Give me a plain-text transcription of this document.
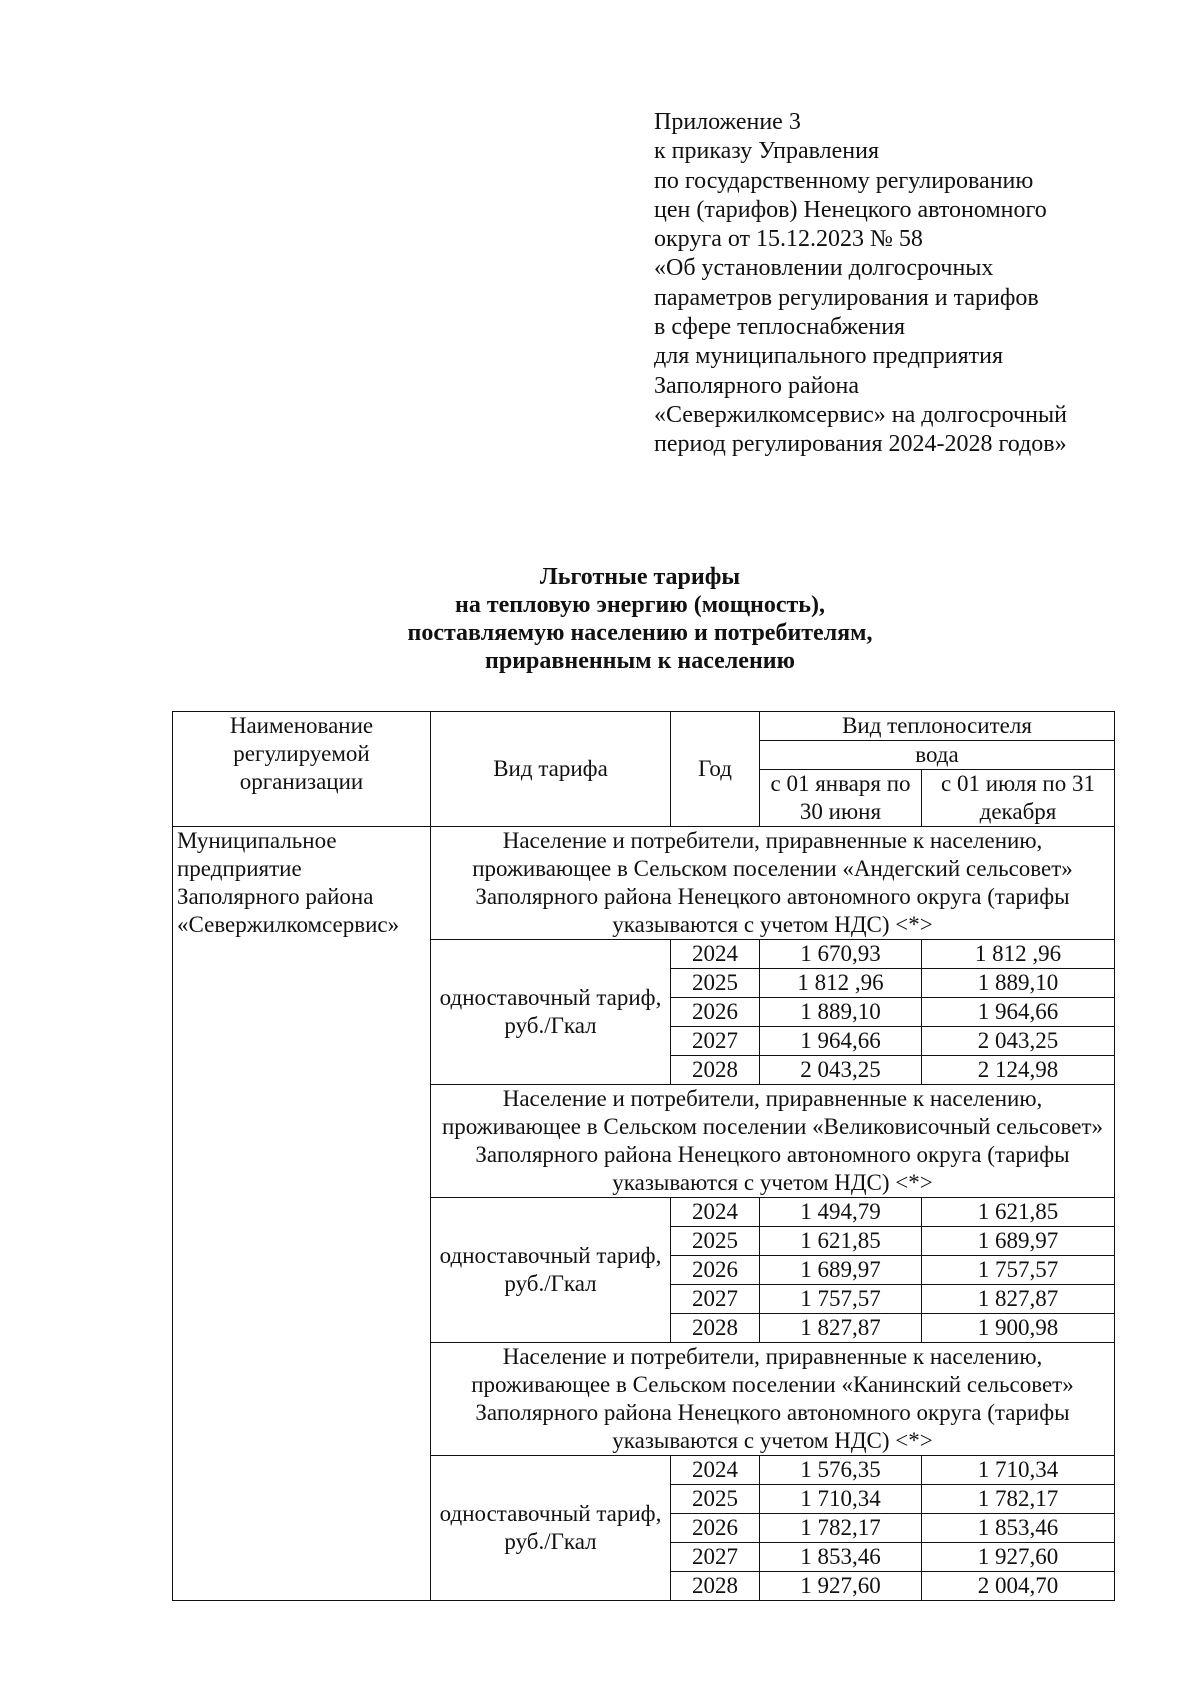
Приложение 3
к приказу Управления
по государственному регулированию
цен (тарифов) Ненецкого автономного
округа от 15.12.2023 № 58
«Об установлении долгосрочных
параметров регулирования и тарифов
в сфере теплоснабжения
для муниципального предприятия
Заполярного района
«Севержилкомсервис» на долгосрочный
период регулирования 2024-2028 годов»
Льготные тарифы
на тепловую энергию (мощность),
поставляемую населению и потребителям,
приравненным к населению
Наименование регулируемой организации	Вид тарифа	Год	Вид теплоносителя	
			вода	
			с 01 января по 30 июня	с 01 июля по 31 декабря

Муниципальное предприятие Заполярного района «Севержилкомсервис»	Население и потребители, приравненные к населению, проживающее в Сельском поселении «Андегский сельсовет» Заполярного района Ненецкого автономного округа (тарифы указываются с учетом НДС) <*>			
	одноставочный тариф, руб./Гкал	2024	1 670,93	1 812 ,96
		2025	1 812 ,96	1 889,10
		2026	1 889,10	1 964,66
		2027	1 964,66	2 043,25
		2028	2 043,25	2 124,98
	Население и потребители, приравненные к населению, проживающее в Сельском поселении «Великовисочный сельсовет» Заполярного района Ненецкого автономного округа (тарифы указываются с учетом НДС) <*>			
	одноставочный тариф, руб./Гкал	2024	1 494,79	1 621,85
		2025	1 621,85	1 689,97
		2026	1 689,97	1 757,57
		2027	1 757,57	1 827,87
		2028	1 827,87	1 900,98
	Население и потребители, приравненные к населению, проживающее в Сельском поселении «Канинский сельсовет» Заполярного района Ненецкого автономного округа (тарифы указываются с учетом НДС) <*>			
	одноставочный тариф, руб./Гкал	2024	1 576,35	1 710,34
		2025	1 710,34	1 782,17
		2026	1 782,17	1 853,46
		2027	1 853,46	1 927,60
		2028	1 927,60	2 004,70
